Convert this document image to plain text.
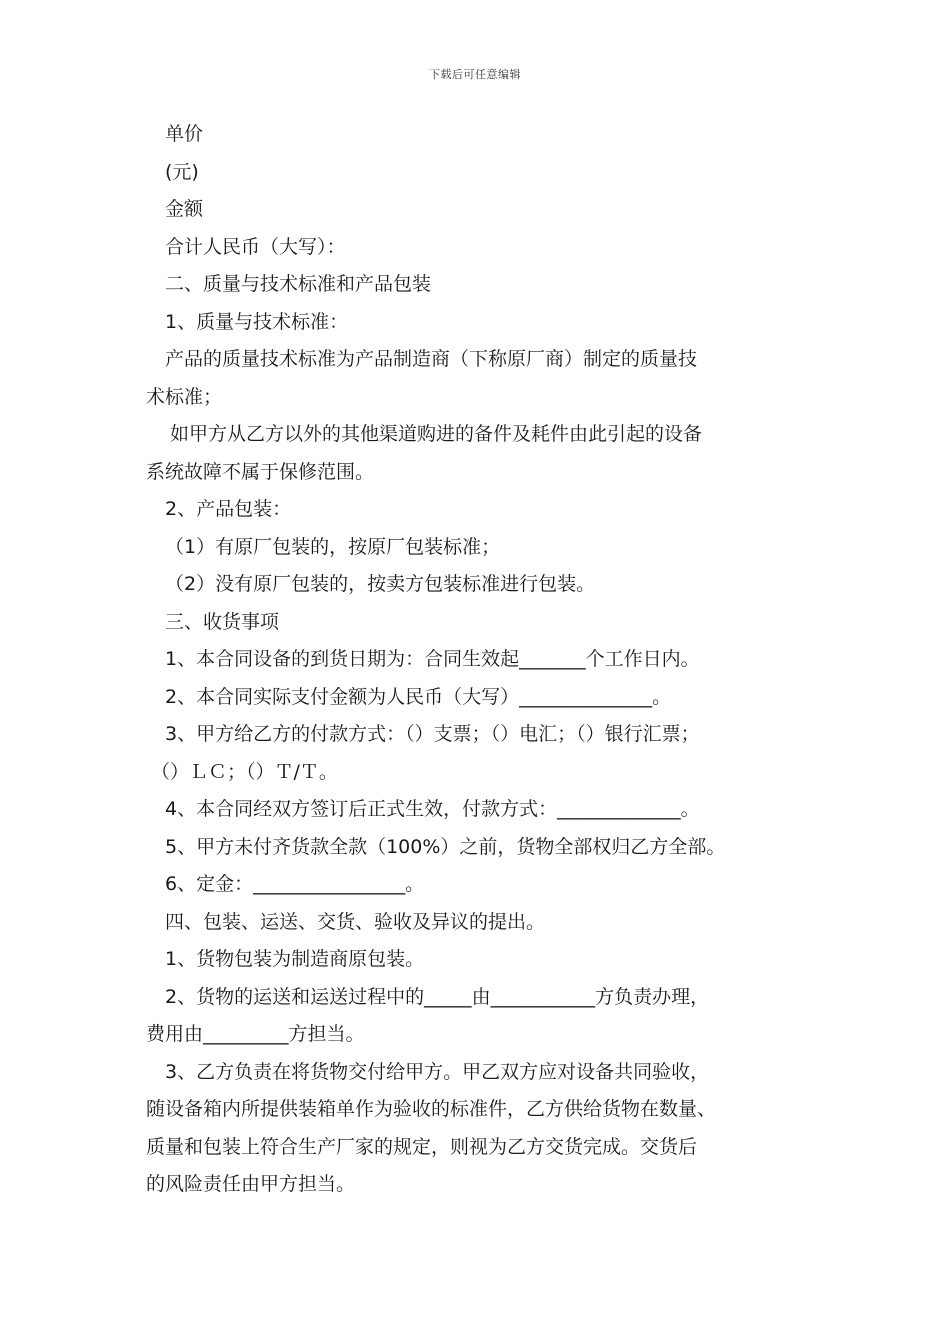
下载后可任意编辑
单价
(元)
金额
合计人民币（大写）：
二、质量与技术标准和产品包装
1、质量与技术标准：
产品的质量技术标准为产品制造商（下称原厂商）制定的质量技
术标准；
如甲方从乙方以外的其他渠道购进的备件及耗件由此引起的设备
系统故障不属于保修范围。
2、产品包装：
（1）有原厂包装的，按原厂包装标准；
（2）没有原厂包装的，按卖方包装标准进行包装。
三、收货事项
1、本合同设备的到货日期为：合同生效起_______个工作日内。
2、本合同实际支付金额为人民币（大写）______________。
3、甲方给乙方的付款方式：（）支票；（）电汇；（）银行汇票；
（）ＬＣ；（）Ｔ/Ｔ。
4、本合同经双方签订后正式生效，付款方式：_____________。
5、甲方未付齐货款全款（100%）之前，货物全部权归乙方全部。
6、定金：________________。
四、包装、运送、交货、验收及异议的提出。
1、货物包装为制造商原包装。
2、货物的运送和运送过程中的_____由___________方负责办理，
费用由_________方担当。
3、乙方负责在将货物交付给甲方。甲乙双方应对设备共同验收，
随设备箱内所提供装箱单作为验收的标准件，乙方供给货物在数量、
质量和包装上符合生产厂家的规定，则视为乙方交货完成。交货后
的风险责任由甲方担当。
